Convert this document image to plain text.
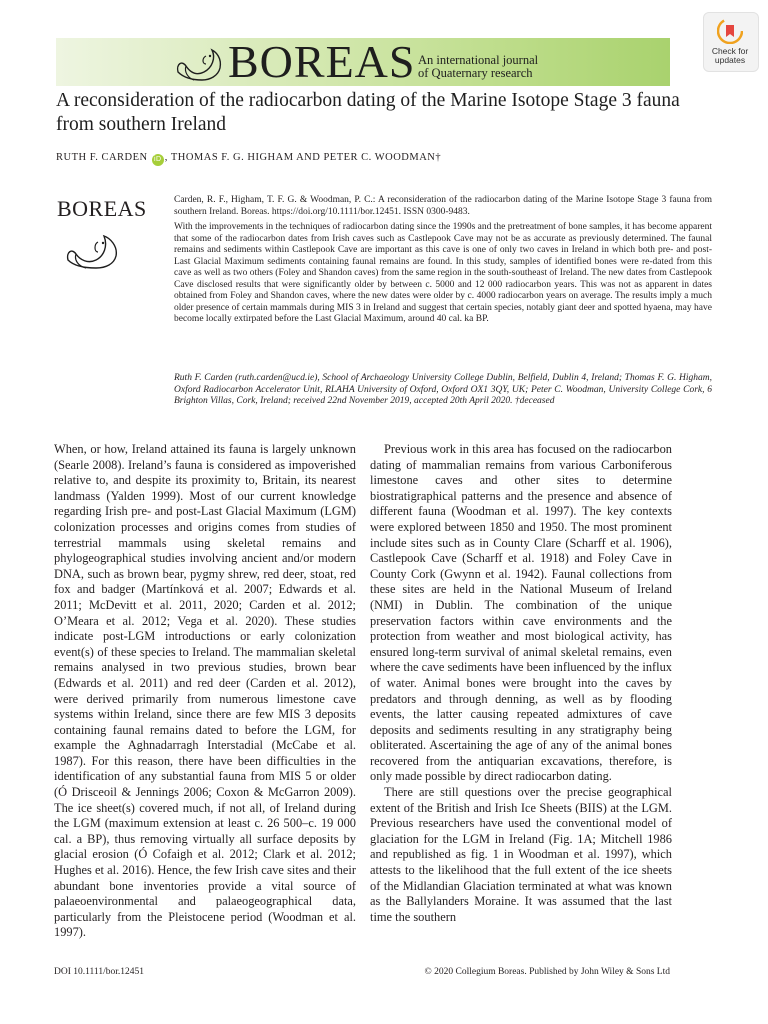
BOREAS An international journal
of Quaternary research
Check for
updates
A reconsideration of the radiocarbon dating of the Marine Isotope Stage 3 fauna from southern Ireland
RUTH F. CARDEN iD , THOMAS F. G. HIGHAM AND PETER C. WOODMAN†
BOREAS	Carden, R. F., Higham, T. F. G. & Woodman, P. C.: A reconsideration of the radiocarbon dating of the Marine Isotope Stage 3 fauna from southern Ireland. Boreas. https://doi.org/10.1111/bor.12451. ISSN 0300-9483.

With the improvements in the techniques of radiocarbon dating since the 1990s and the pretreatment of bone samples, it has become apparent that some of the radiocarbon dates from Irish caves such as Castlepook Cave may not be as accurate as previously determined. The faunal remains and sediments within Castlepook Cave are important as this cave is one of only two caves in Ireland in which both pre- and post-Last Glacial Maximum sediments containing faunal remains are found. In this study, samples of identified bones were re-dated from this cave as well as two others (Foley and Shandon caves) from the same region in the south-southeast of Ireland. The new dates from Castlepook Cave disclosed results that were significantly older by between c. 5000 and 12 000 radiocarbon years. This was not as apparent in dates obtained from Foley and Shandon caves, where the new dates were older by c. 4000 radiocarbon years on average. The results imply a much older presence of certain mammals during MIS 3 in Ireland and suggest that certain species, notably giant deer and spotted hyaena, may have become locally extirpated before the Last Glacial Maximum, around 40 cal. ka BP.

Ruth F. Carden (ruth.carden@ucd.ie), School of Archaeology University College Dublin, Belfield, Dublin 4, Ireland; Thomas F. G. Higham, Oxford Radiocarbon Accelerator Unit, RLAHA University of Oxford, Oxford OX1 3QY, UK; Peter C. Woodman, University College Cork, 6 Brighton Villas, Cork, Ireland; received 22nd November 2019, accepted 20th April 2020. †deceased

When, or how, Ireland attained its fauna is largely unknown (Searle 2008). Ireland’s fauna is considered as impoverished relative to, and despite its proximity to, Britain, its nearest landmass (Yalden 1999). Most of our current knowledge regarding Irish pre- and post-Last Glacial Maximum (LGM) colonization processes and origins comes from studies of terrestrial mammals using skeletal remains and phylogeographical studies involving ancient and/or modern DNA, such as brown bear, pygmy shrew, red deer, stoat, red fox and badger (Martínková et al. 2007; Edwards et al. 2011; McDevitt et al. 2011, 2020; Carden et al. 2012; O’Meara et al. 2012; Vega et al. 2020). These studies indicate post-LGM introductions or early colonization event(s) of these species to Ireland. The mammalian skeletal remains analysed in two previous studies, brown bear (Edwards et al. 2011) and red deer (Carden et al. 2012), were derived primarily from numerous limestone cave systems within Ireland, since there are few MIS 3 deposits containing faunal remains dated to before the LGM, for example the Aghnadarragh Interstadial (McCabe et al. 1987). For this reason, there have been difficulties in the identification of any substantial fauna from MIS 5 or older (Ó Drisceoil & Jennings 2006; Coxon & McGarron 2009). The ice sheet(s) covered much, if not all, of Ireland during the LGM (maximum extension at least c. 26 500–c. 19 000 cal. a BP), thus removing virtually all surface deposits by glacial erosion (Ó Cofaigh et al. 2012; Clark et al. 2012; Hughes et al. 2016). Hence, the few Irish cave sites and their abundant bone inventories provide a vital source of palaeoenvironmental and palaeogeographical data, particularly from the Pleistocene period (Woodman et al. 1997).

Previous work in this area has focused on the radiocarbon dating of mammalian remains from various Carboniferous limestone caves and other sites to determine biostratigraphical patterns and the presence and absence of different fauna (Woodman et al. 1997). The key contexts were explored between 1850 and 1950. The most prominent include sites such as in County Clare (Scharff et al. 1906), Castlepook Cave (Scharff et al. 1918) and Foley Cave in County Cork (Gwynn et al. 1942). Faunal collections from these sites are held in the National Museum of Ireland (NMI) in Dublin. The combination of the unique preservation factors within cave environments and the protection from weather and most biological activity, has ensured long-term survival of animal skeletal remains, even where the cave sediments have been influenced by the influx of water. Animal bones were brought into the caves by predators and through denning, as well as by flooding events, the latter causing repeated admixtures of cave deposits and sediments resulting in any stratigraphy being obliterated. Ascertaining the age of any of the animal bones recovered from the antiquarian excavations, therefore, is only made possible by direct radiocarbon dating.

There are still questions over the precise geographical extent of the British and Irish Ice Sheets (BIIS) at the LGM. Previous researchers have used the conventional model of glaciation for the LGM in Ireland (Fig. 1A; Mitchell 1986 and republished as fig. 1 in Woodman et al. 1997), which attests to the likelihood that the full extent of the ice sheets of the Midlandian Glaciation terminated at what was known as the Ballylanders Moraine. It was assumed that the last time the southern

DOI 10.1111/bor.12451	© 2020 Collegium Boreas. Published by John Wiley & Sons Ltd
